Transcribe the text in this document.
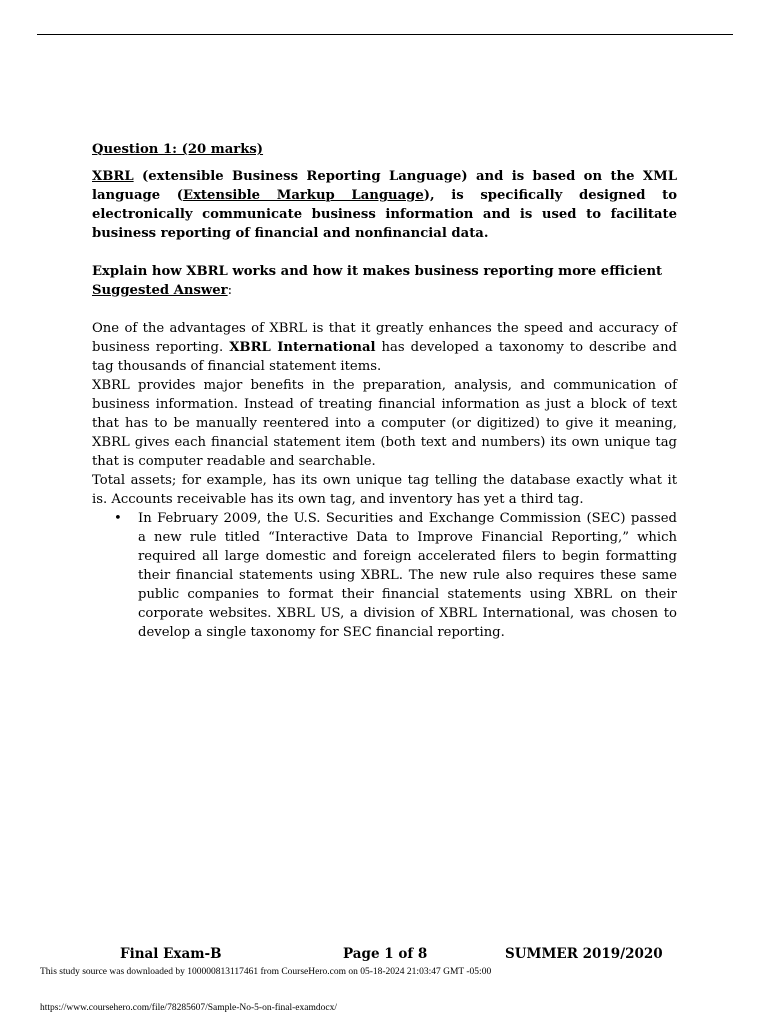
Question 1: (20 marks)

XBRL (extensible Business Reporting Language) and is based on the XML language (Extensible Markup Language), is specifically designed to electronically communicate business information and is used to facilitate business reporting of financial and nonfinancial data.

Explain how XBRL works and how it makes business reporting more efficient

Suggested Answer:

One of the advantages of XBRL is that it greatly enhances the speed and accuracy of business reporting. XBRL International has developed a taxonomy to describe and tag thousands of financial statement items.

XBRL provides major benefits in the preparation, analysis, and communication of business information. Instead of treating financial information as just a block of text that has to be manually reentered into a computer (or digitized) to give it meaning, XBRL gives each financial statement item (both text and numbers) its own unique tag that is computer readable and searchable.

Total assets; for example, has its own unique tag telling the database exactly what it is. Accounts receivable has its own tag, and inventory has yet a third tag.

• In February 2009, the U.S. Securities and Exchange Commission (SEC) passed a new rule titled “Interactive Data to Improve Financial Reporting,” which required all large domestic and foreign accelerated filers to begin formatting their financial statements using XBRL. The new rule also requires these same public companies to format their financial statements using XBRL on their corporate websites. XBRL US, a division of XBRL International, was chosen to develop a single taxonomy for SEC financial reporting.
Final Exam-B	Page 1 of 8	SUMMER 2019/2020
This study source was downloaded by 100000813117461 from CourseHero.com on 05-18-2024 21:03:47 GMT -05:00
https://www.coursehero.com/file/78285607/Sample-No-5-on-final-examdocx/
